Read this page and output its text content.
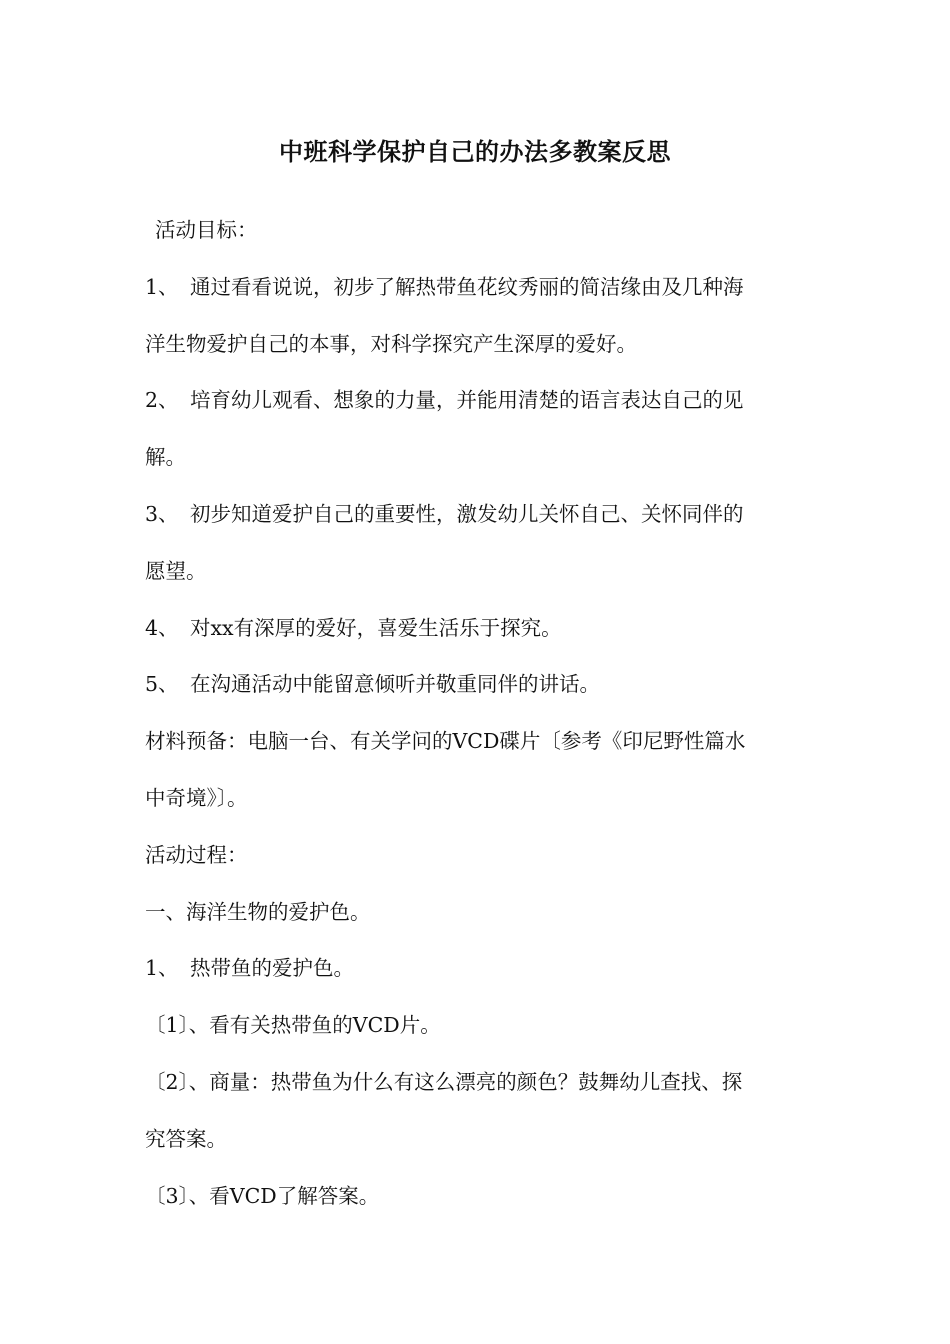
中班科学保护自己的办法多教案反思

活动目标：

1、 通过看看说说，初步了解热带鱼花纹秀丽的简洁缘由及几种海

洋生物爱护自己的本事，对科学探究产生深厚的爱好。

2、 培育幼儿观看、想象的力量，并能用清楚的语言表达自己的见

解。

3、 初步知道爱护自己的重要性，激发幼儿关怀自己、关怀同伴的

愿望。

4、 对xx有深厚的爱好，喜爱生活乐于探究。

5、 在沟通活动中能留意倾听并敬重同伴的讲话。

材料预备：电脑一台、有关学问的VCD碟片〔参考《印尼野性篇水

中奇境》〕。

活动过程：

一、海洋生物的爱护色。

1、 热带鱼的爱护色。

〔1〕、看有关热带鱼的VCD片。

〔2〕、商量：热带鱼为什么有这么漂亮的颜色？鼓舞幼儿查找、探

究答案。

〔3〕、看VCD了解答案。
